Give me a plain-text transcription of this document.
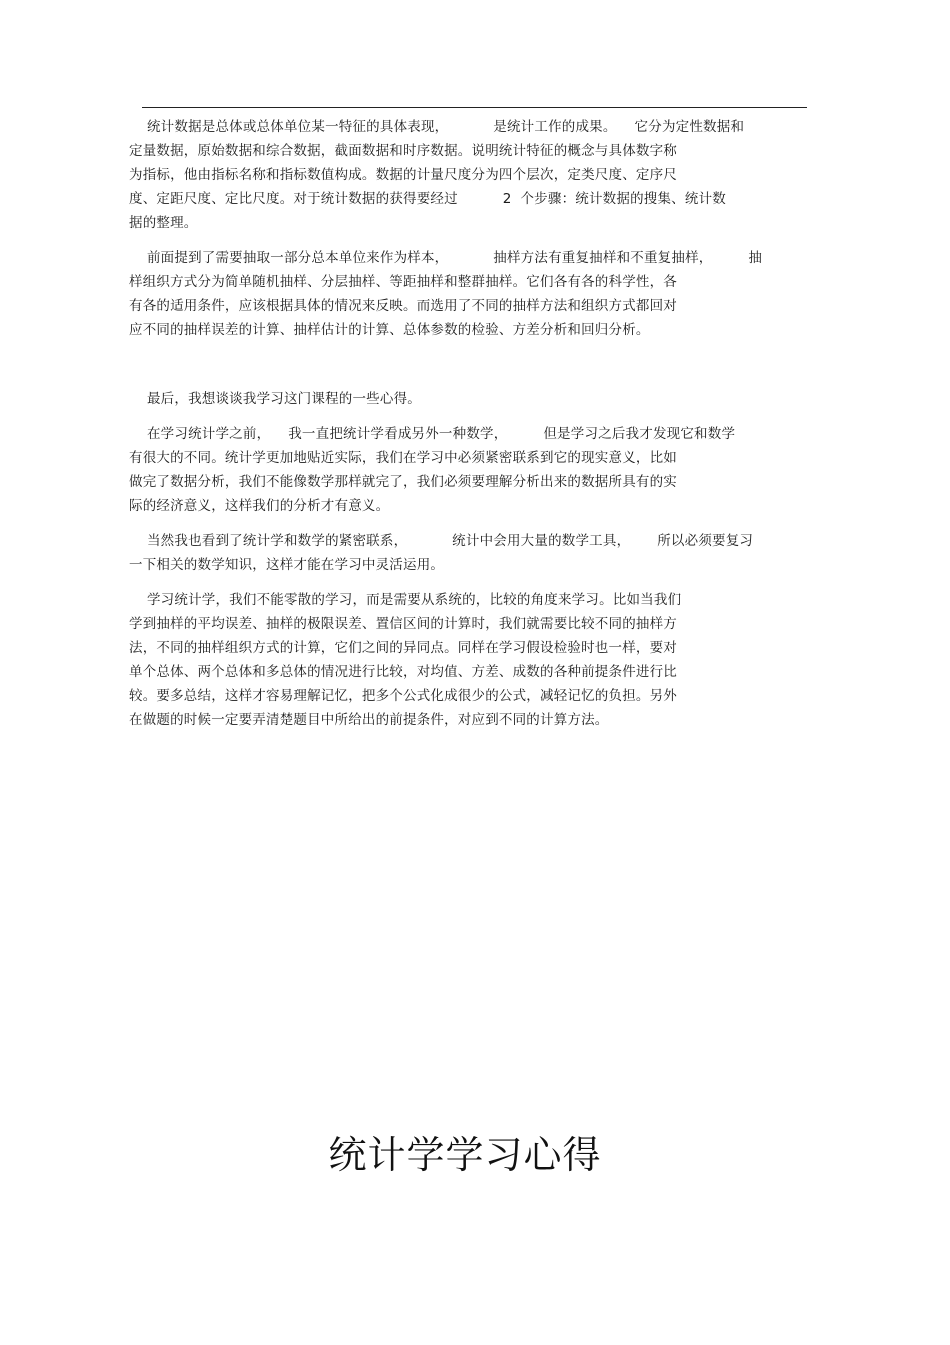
统计数据是总体或总体单位某一特征的具体表现，          是统计工作的成果。    它分为定性数据和
定量数据，原始数据和综合数据，截面数据和时序数据。说明统计特征的概念与具体数字称
为指标，他由指标名称和指标数值构成。数据的计量尺度分为四个层次，定类尺度、定序尺
度、定距尺度、定比尺度。对于统计数据的获得要经过          2  个步骤：统计数据的搜集、统计数
据的整理。
前面提到了需要抽取一部分总本单位来作为样本，          抽样方法有重复抽样和不重复抽样，        抽
样组织方式分为简单随机抽样、分层抽样、等距抽样和整群抽样。它们各有各的科学性，各
有各的适用条件，应该根据具体的情况来反映。而选用了不同的抽样方法和组织方式都回对
应不同的抽样误差的计算、抽样估计的计算、总体参数的检验、方差分析和回归分析。
最后，我想谈谈我学习这门课程的一些心得。
在学习统计学之前，    我一直把统计学看成另外一种数学，        但是学习之后我才发现它和数学
有很大的不同。统计学更加地贴近实际，我们在学习中必须紧密联系到它的现实意义，比如
做完了数据分析，我们不能像数学那样就完了，我们必须要理解分析出来的数据所具有的实
际的经济意义，这样我们的分析才有意义。
当然我也看到了统计学和数学的紧密联系，          统计中会用大量的数学工具，      所以必须要复习
一下相关的数学知识，这样才能在学习中灵活运用。
学习统计学，我们不能零散的学习，而是需要从系统的，比较的角度来学习。比如当我们
学到抽样的平均误差、抽样的极限误差、置信区间的计算时，我们就需要比较不同的抽样方
法，不同的抽样组织方式的计算，它们之间的异同点。同样在学习假设检验时也一样，要对
单个总体、两个总体和多总体的情况进行比较，对均值、方差、成数的各种前提条件进行比
较。要多总结，这样才容易理解记忆，把多个公式化成很少的公式，减轻记忆的负担。另外
在做题的时候一定要弄清楚题目中所给出的前提条件，对应到不同的计算方法。
统计学学习心得
